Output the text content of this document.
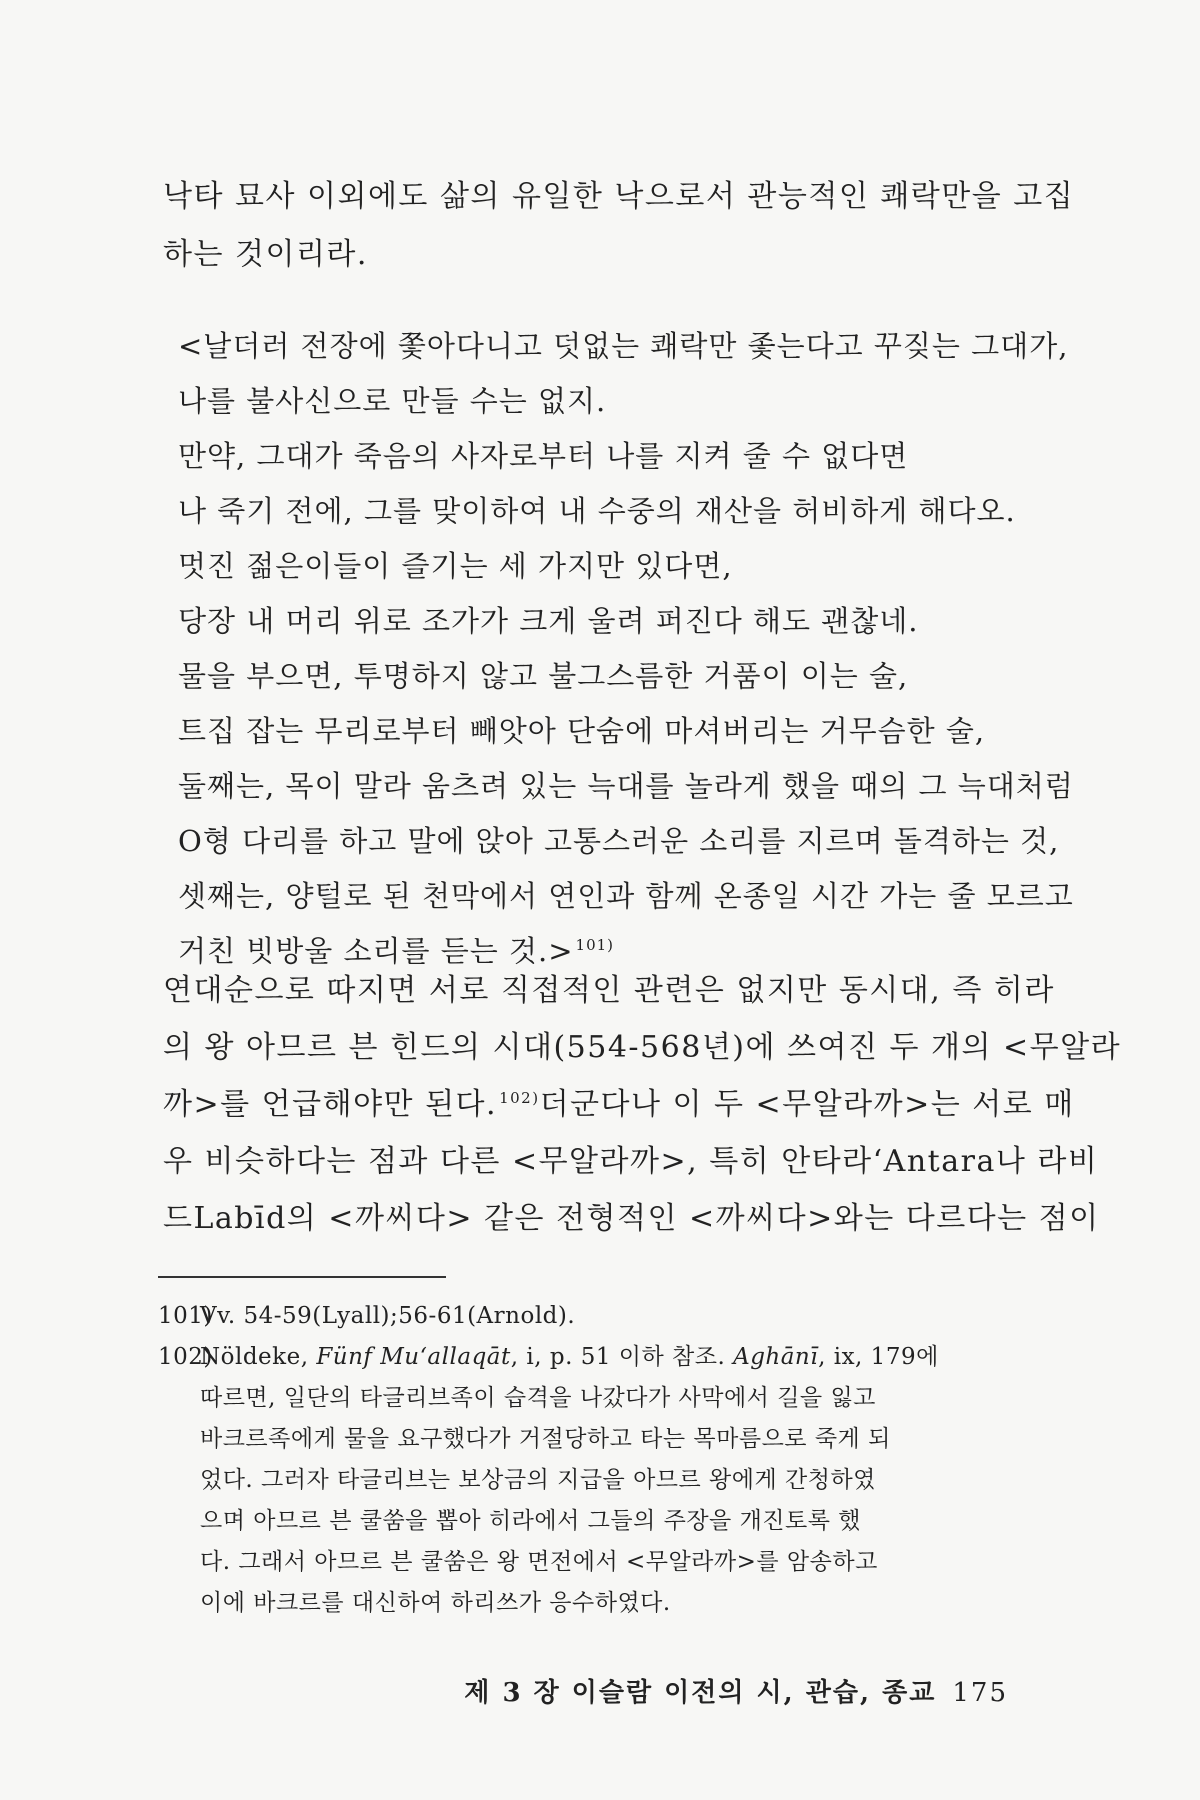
낙타 묘사 이외에도 삶의 유일한 낙으로서 관능적인 쾌락만을 고집
하는 것이리라.
<날더러 전장에 쫓아다니고 덧없는 쾌락만 좇는다고 꾸짖는 그대가,
나를 불사신으로 만들 수는 없지.
만약, 그대가 죽음의 사자로부터 나를 지켜 줄 수 없다면
나 죽기 전에, 그를 맞이하여 내 수중의 재산을 허비하게 해다오.
멋진 젊은이들이 즐기는 세 가지만 있다면,
당장 내 머리 위로 조가가 크게 울려 퍼진다 해도 괜찮네.
물을 부으면, 투명하지 않고 불그스름한 거품이 이는 술,
트집 잡는 무리로부터 빼앗아 단숨에 마셔버리는 거무슴한 술,
둘째는, 목이 말라 움츠려 있는 늑대를 놀라게 했을 때의 그 늑대처럼
O형 다리를 하고 말에 앉아 고통스러운 소리를 지르며 돌격하는 것,
셋째는, 양털로 된 천막에서 연인과 함께 온종일 시간 가는 줄 모르고
거친 빗방울 소리를 듣는 것.> $^{101)}$
연대순으로 따지면 서로 직접적인 관련은 없지만 동시대, 즉 히라
의 왕 아므르 븐 힌드의 시대(554-568년)에 쓰여진 두 개의 <무알라
까>를 언급해야만 된다. $^{102)}$ 더군다나 이 두 <무알라까>는 서로 매
우 비슷하다는 점과 다른 <무알라까>, 특히 안타라‘Antara나 라비
드Labīd의 <까씨다> 같은 전형적인 <까씨다>와는 다르다는 점이
101)Vv. 54-59(Lyall);56-61(Arnold).
102)Nöldeke, Fünf Mu‘allaqāt, i, p. 51 이하 참조. Aghānī, ix, 179에
따르면, 일단의 타글리브족이 습격을 나갔다가 사막에서 길을 잃고
바크르족에게 물을 요구했다가 거절당하고 타는 목마름으로 죽게 되
었다. 그러자 타글리브는 보상금의 지급을 아므르 왕에게 간청하였
으며 아므르 븐 쿨쑴을 뽑아 히라에서 그들의 주장을 개진토록 했
다. 그래서 아므르 븐 쿨쑴은 왕 면전에서 <무알라까>를 암송하고
이에 바크르를 대신하여 하리쓰가 응수하였다.
제 3 장 이슬람 이전의 시, 관습, 종교 175
